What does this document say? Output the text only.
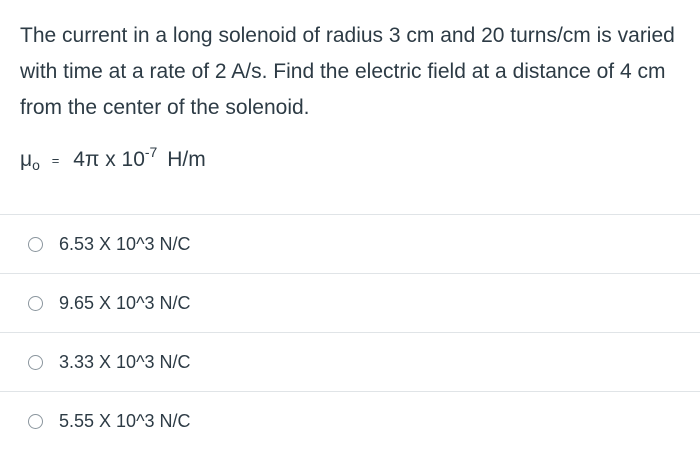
The current in a long solenoid of radius 3 cm and 20 turns/cm is varied with time at a rate of 2 A/s. Find the electric field at a distance of 4 cm from the center of the solenoid.

μo = 4π x $10^{-7}$ H/m
6.53 X 10^3 N/C
9.65 X 10^3 N/C
3.33 X 10^3 N/C
5.55 X 10^3 N/C
